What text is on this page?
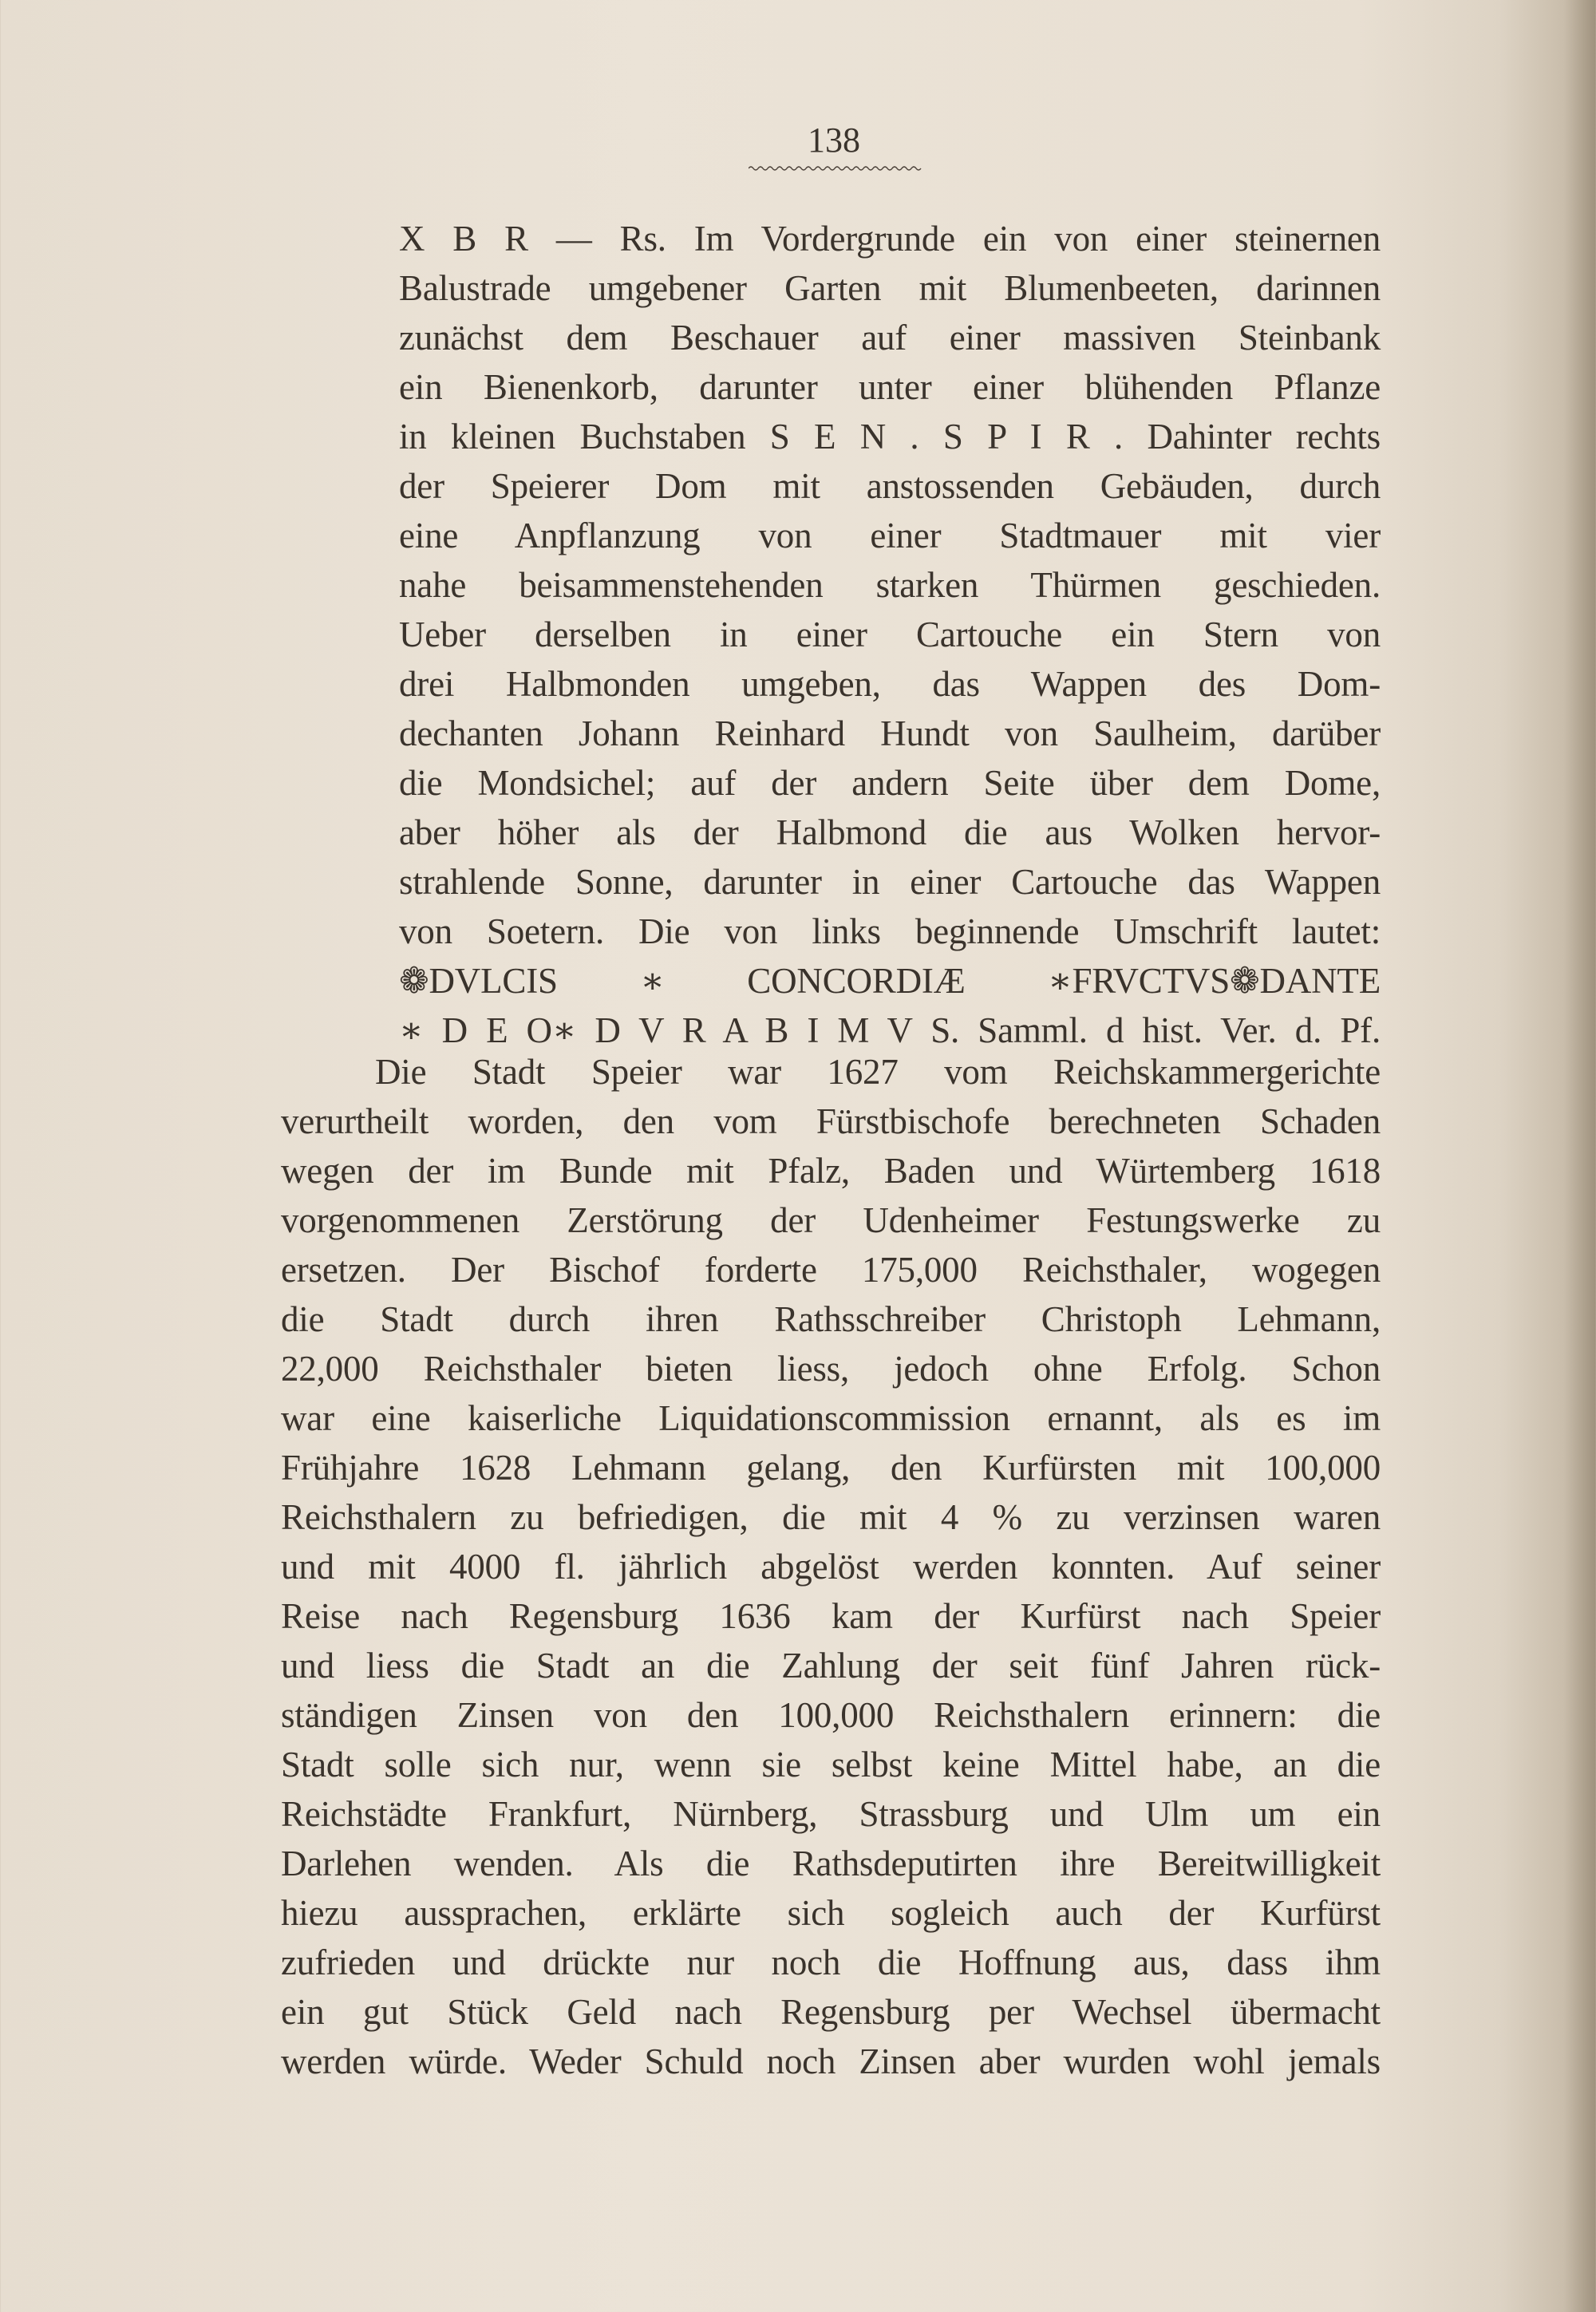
138
X B R — Rs. Im Vordergrunde ein von einer steinernen
Balustrade umgebener Garten mit Blumenbeeten, darinnen
zunächst dem Beschauer auf einer massiven Steinbank
ein Bienenkorb, darunter unter einer blühenden Pflanze
in kleinen Buchstaben S E N . S P I R . Dahinter rechts
der Speierer Dom mit anstossenden Gebäuden, durch
eine Anpflanzung von einer Stadtmauer mit vier
nahe beisammenstehenden starken Thürmen geschieden.
Ueber derselben in einer Cartouche ein Stern von
drei Halbmonden umgeben, das Wappen des Dom-
dechanten Johann Reinhard Hundt von Saulheim, darüber
die Mondsichel; auf der andern Seite über dem Dome,
aber höher als der Halbmond die aus Wolken hervor-
strahlende Sonne, darunter in einer Cartouche das Wappen
von Soetern. Die von links beginnende Umschrift lautet:
❁DVLCIS ∗ CONCORDIÆ ∗FRVCTVS❁DANTE
∗ D E O∗ D V R A B I M V S. Samml. d hist. Ver. d. Pf.
Die Stadt Speier war 1627 vom Reichskammergerichte
verurtheilt worden, den vom Fürstbischofe berechneten Schaden
wegen der im Bunde mit Pfalz, Baden und Würtemberg 1618
vorgenommenen Zerstörung der Udenheimer Festungswerke zu
ersetzen. Der Bischof forderte 175,000 Reichsthaler, wogegen
die Stadt durch ihren Rathsschreiber Christoph Lehmann,
22,000 Reichsthaler bieten liess, jedoch ohne Erfolg. Schon
war eine kaiserliche Liquidationscommission ernannt, als es im
Frühjahre 1628 Lehmann gelang, den Kurfürsten mit 100,000
Reichsthalern zu befriedigen, die mit 4 % zu verzinsen waren
und mit 4000 fl. jährlich abgelöst werden konnten. Auf seiner
Reise nach Regensburg 1636 kam der Kurfürst nach Speier
und liess die Stadt an die Zahlung der seit fünf Jahren rück-
ständigen Zinsen von den 100,000 Reichsthalern erinnern: die
Stadt solle sich nur, wenn sie selbst keine Mittel habe, an die
Reichstädte Frankfurt, Nürnberg, Strassburg und Ulm um ein
Darlehen wenden. Als die Rathsdeputirten ihre Bereitwilligkeit
hiezu aussprachen, erklärte sich sogleich auch der Kurfürst
zufrieden und drückte nur noch die Hoffnung aus, dass ihm
ein gut Stück Geld nach Regensburg per Wechsel übermacht
werden würde. Weder Schuld noch Zinsen aber wurden wohl jemals
